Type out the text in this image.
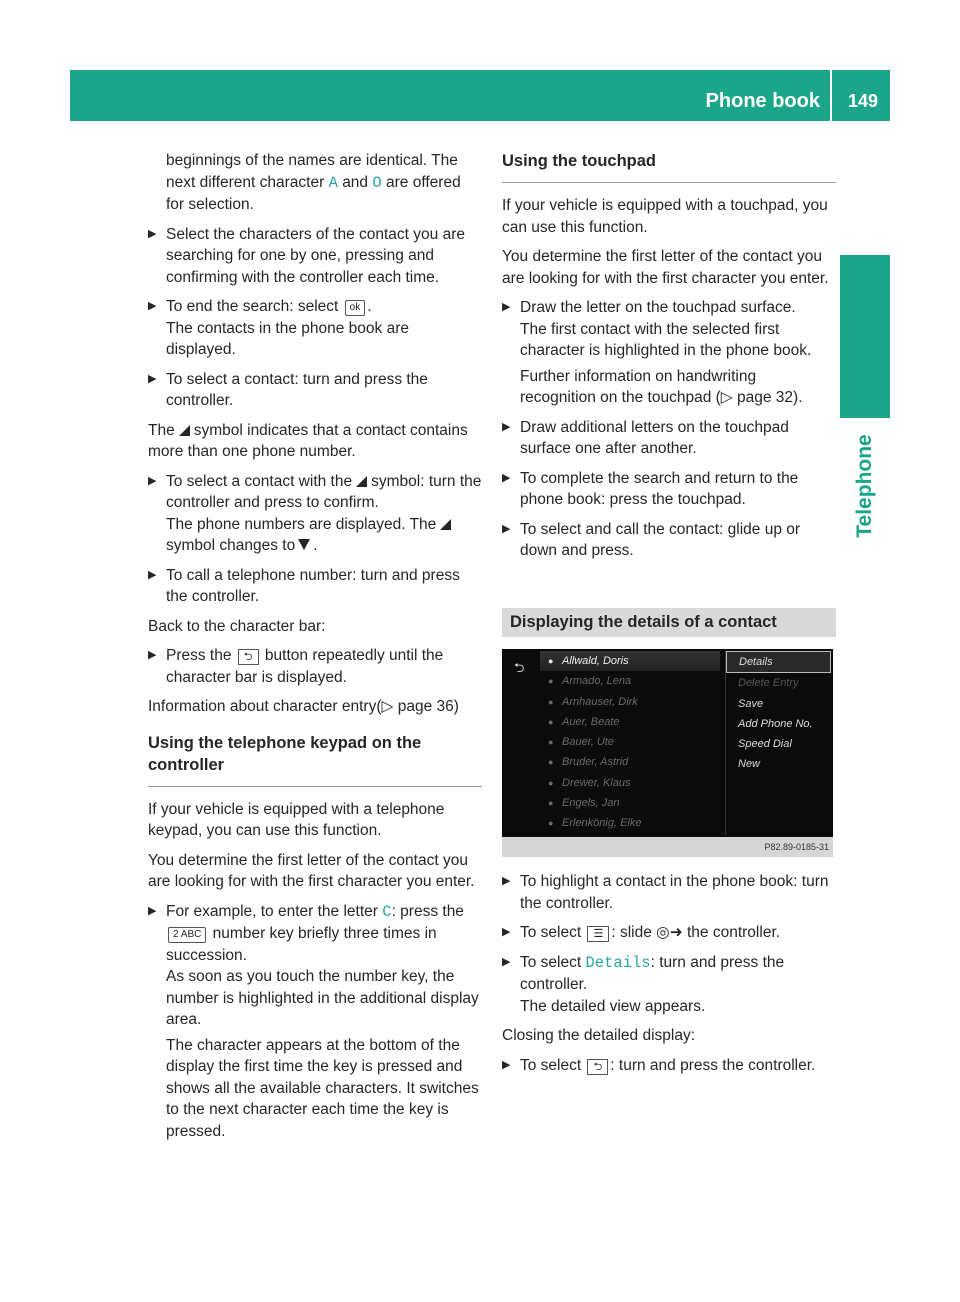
Phone book 149
Telephone

beginnings of the names are identical. The next different character A and O are offered for selection.

▶ Select the characters of the contact you are searching for one by one, pressing and confirming with the controller each time.
▶ To end the search: select ok .
The contacts in the phone book are displayed.
▶ To select a contact: turn and press the controller.

The symbol indicates that a contact contains more than one phone number.

▶ To select a contact with the symbol: turn the controller and press to confirm.
The phone numbers are displayed. Thesymbol changes to .
▶ To call a telephone number: turn and press the controller.

Back to the character bar:

▶ Press the ⮌ button repeatedly until the character bar is displayed.

Information about character entry(▷ page 36)

Using the telephone keypad on the controller

If your vehicle is equipped with a telephone keypad, you can use this function.

You determine the first letter of the contact you are looking for with the first character you enter.

▶ For example, to enter the letter C: press the 2 ABC number key briefly three times in succession.
As soon as you touch the number key, the number is highlighted in the additional display area.
The character appears at the bottom of the display the first time the key is pressed and shows all the available characters. It switches to the next character each time the key is pressed.
Using the touchpad

If your vehicle is equipped with a touchpad, you can use this function.

You determine the first letter of the contact you are looking for with the first character you enter.

▶ Draw the letter on the touchpad surface.
The first contact with the selected first character is highlighted in the phone book.
Further information on handwriting recognition on the touchpad (▷ page 32).
▶ Draw additional letters on the touchpad surface one after another.
▶ To complete the search and return to the phone book: press the touchpad.
▶ To select and call the contact: glide up or down and press.
Displaying the details of a contact
⮌	● Allwald, Doris
● Armado, Lena
● Arnhauser, Dirk
● Auer, Beate
● Bauer, Ute
● Bruder, Astrid
● Drewer, Klaus
● Engels, Jan
● Erlenkönig, Elke
Details
Delete Entry
Save
Add Phone No.
Speed Dial
New
P82.89-0185-31
▶ To highlight a contact in the phone book: turn the controller.
▶ To select ☰ : slide ◎➜ the controller.
▶ To select Details: turn and press the controller.
The detailed view appears.

Closing the detailed display:

▶ To select ⮌ : turn and press the controller.
